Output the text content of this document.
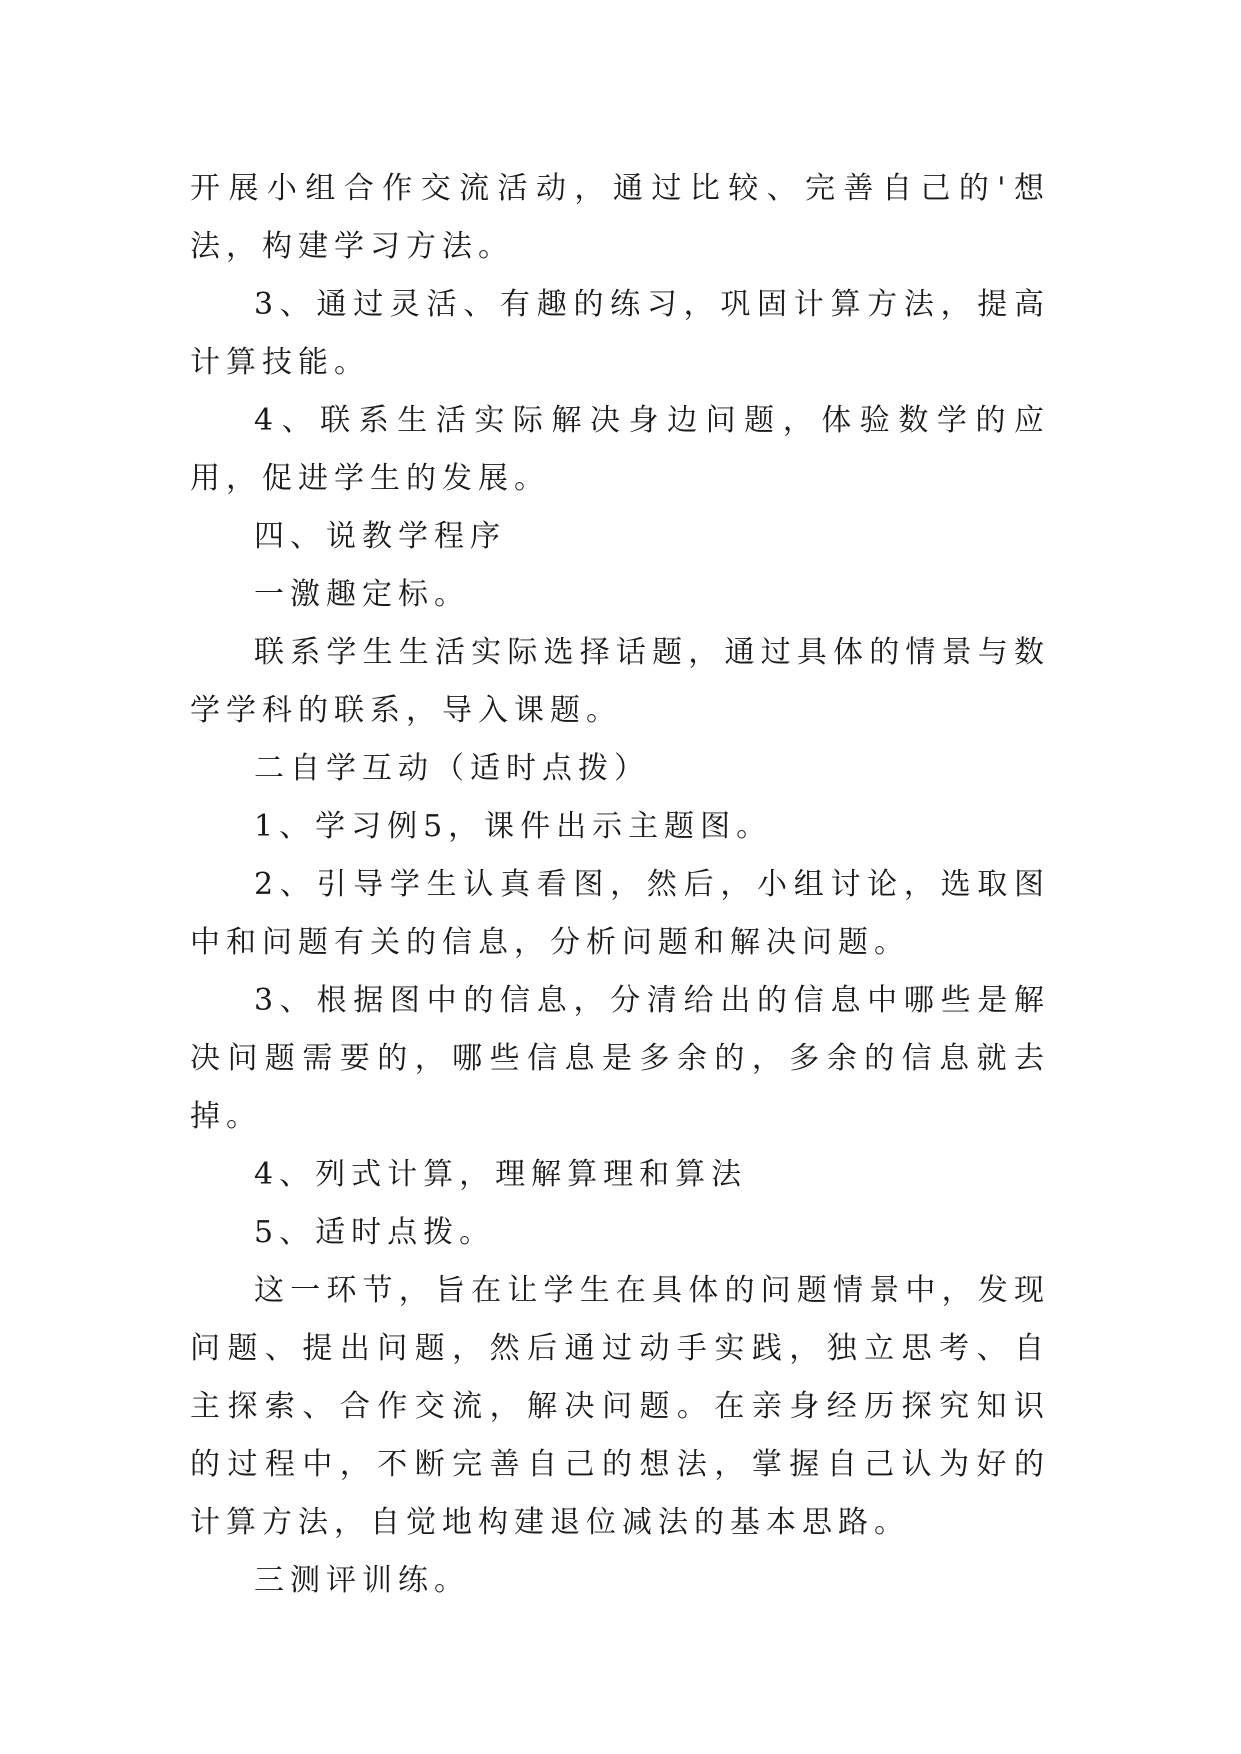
开展小组合作交流活动，通过比较、完善自己的'想法，构建学习方法。

3、通过灵活、有趣的练习，巩固计算方法，提高计算技能。

4、联系生活实际解决身边问题，体验数学的应用，促进学生的发展。

四、说教学程序

一激趣定标。

联系学生生活实际选择话题，通过具体的情景与数学学科的联系，导入课题。

二自学互动（适时点拨）

1、学习例5，课件出示主题图。

2、引导学生认真看图，然后，小组讨论，选取图中和问题有关的信息，分析问题和解决问题。

3、根据图中的信息，分清给出的信息中哪些是解决问题需要的，哪些信息是多余的，多余的信息就去掉。

4、列式计算，理解算理和算法

5、适时点拨。

这一环节，旨在让学生在具体的问题情景中，发现问题、提出问题，然后通过动手实践，独立思考、自主探索、合作交流，解决问题。在亲身经历探究知识的过程中，不断完善自己的想法，掌握自己认为好的计算方法，自觉地构建退位减法的基本思路。

三测评训练。
